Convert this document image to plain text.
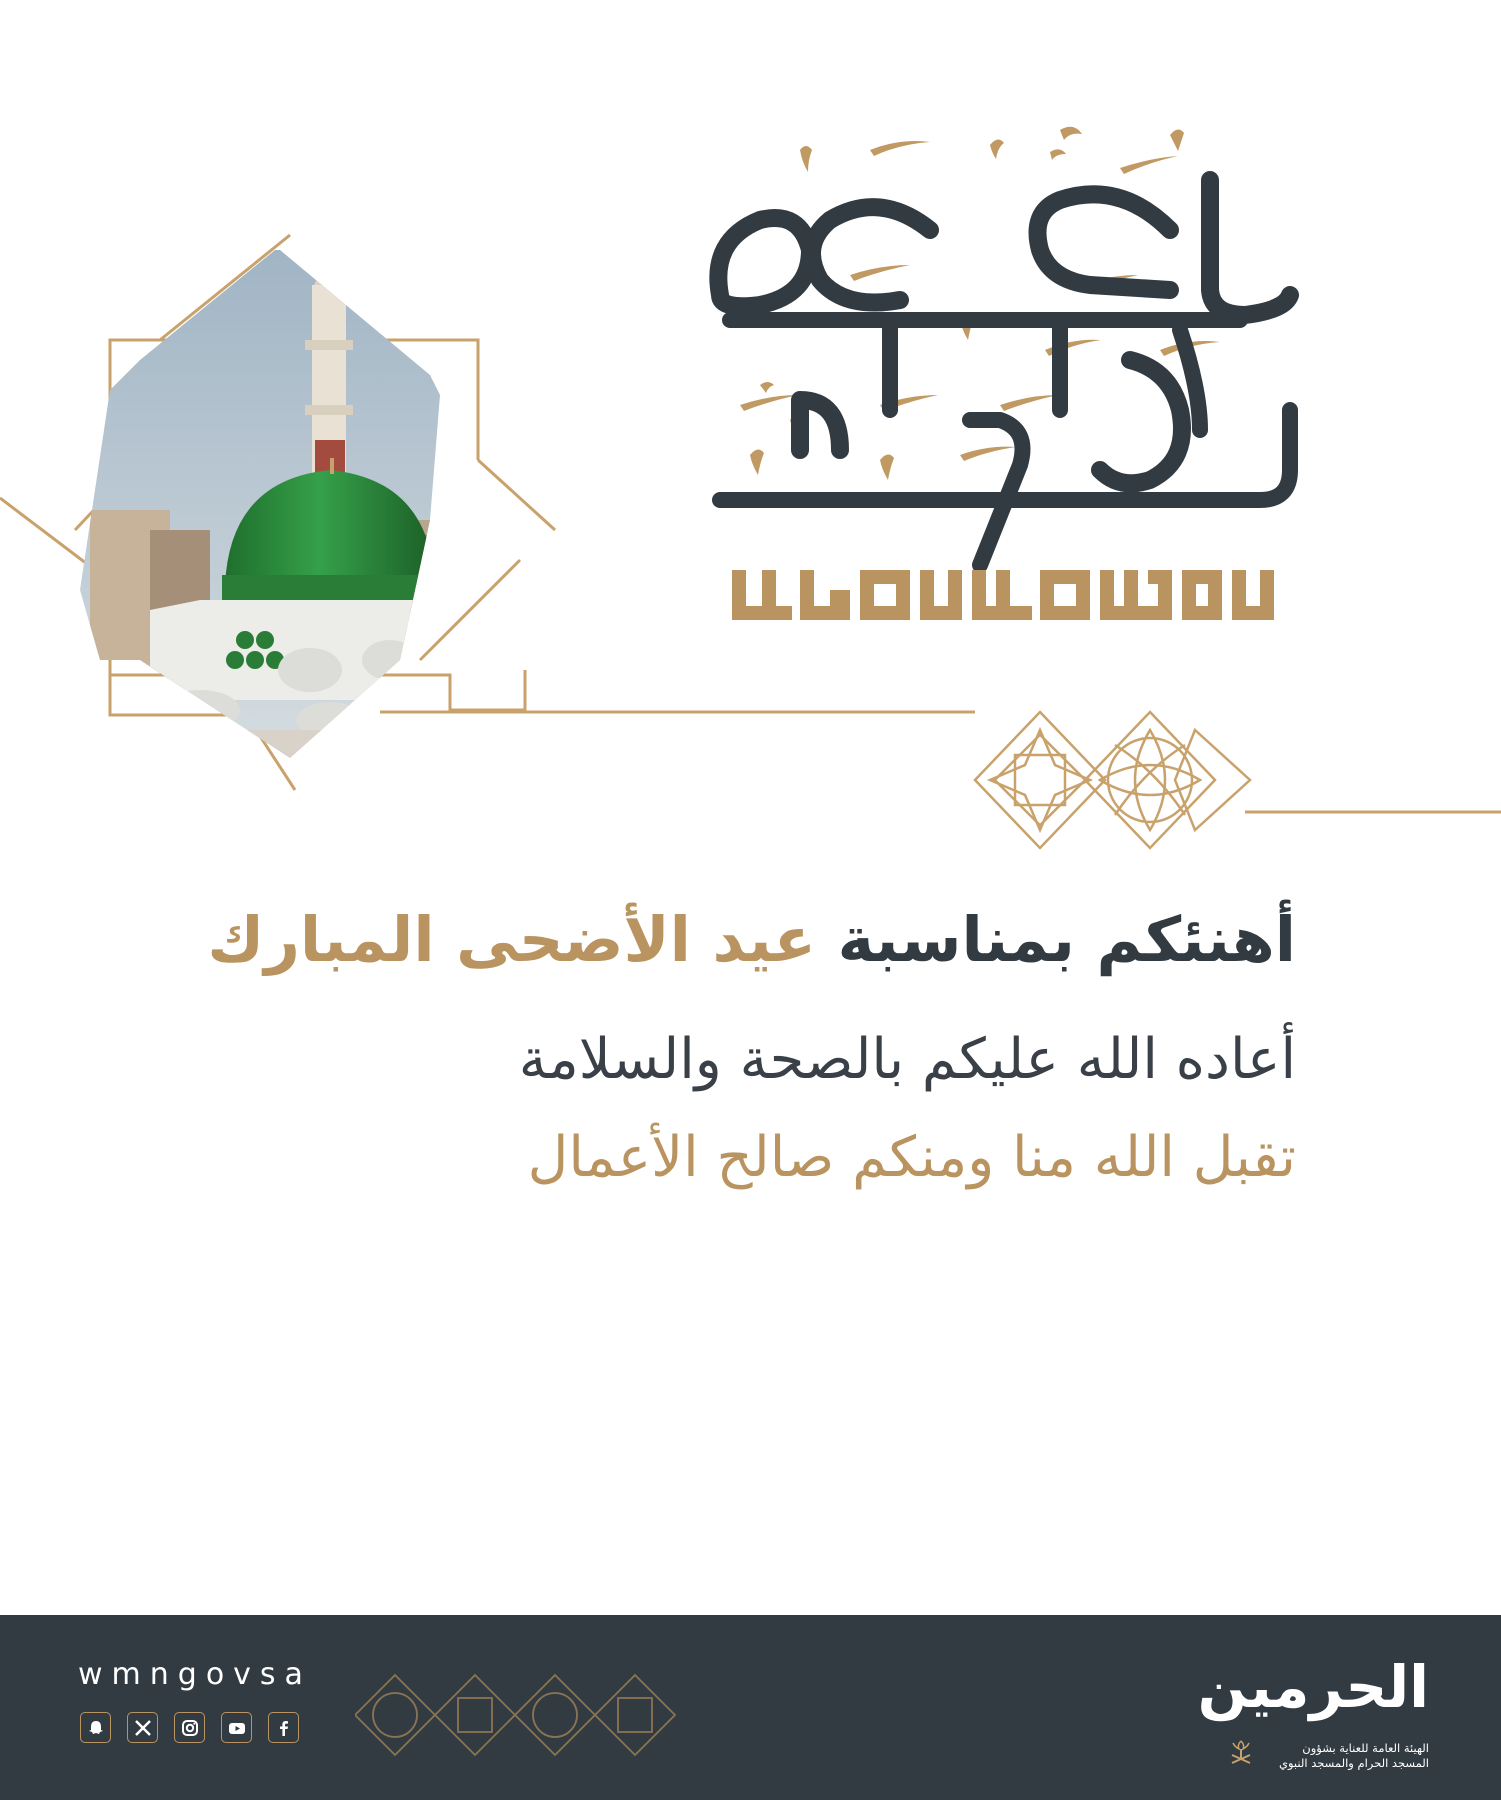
أهنئكم بمناسبة عيد الأضحى المبارك
أعاده الله عليكم بالصحة والسلامة
تقبل الله منا ومنكم صالح الأعمال
wmngovsa	الحرمين
الهيئة العامة للعناية بشؤون
المسجد الحرام والمسجد النبوي
